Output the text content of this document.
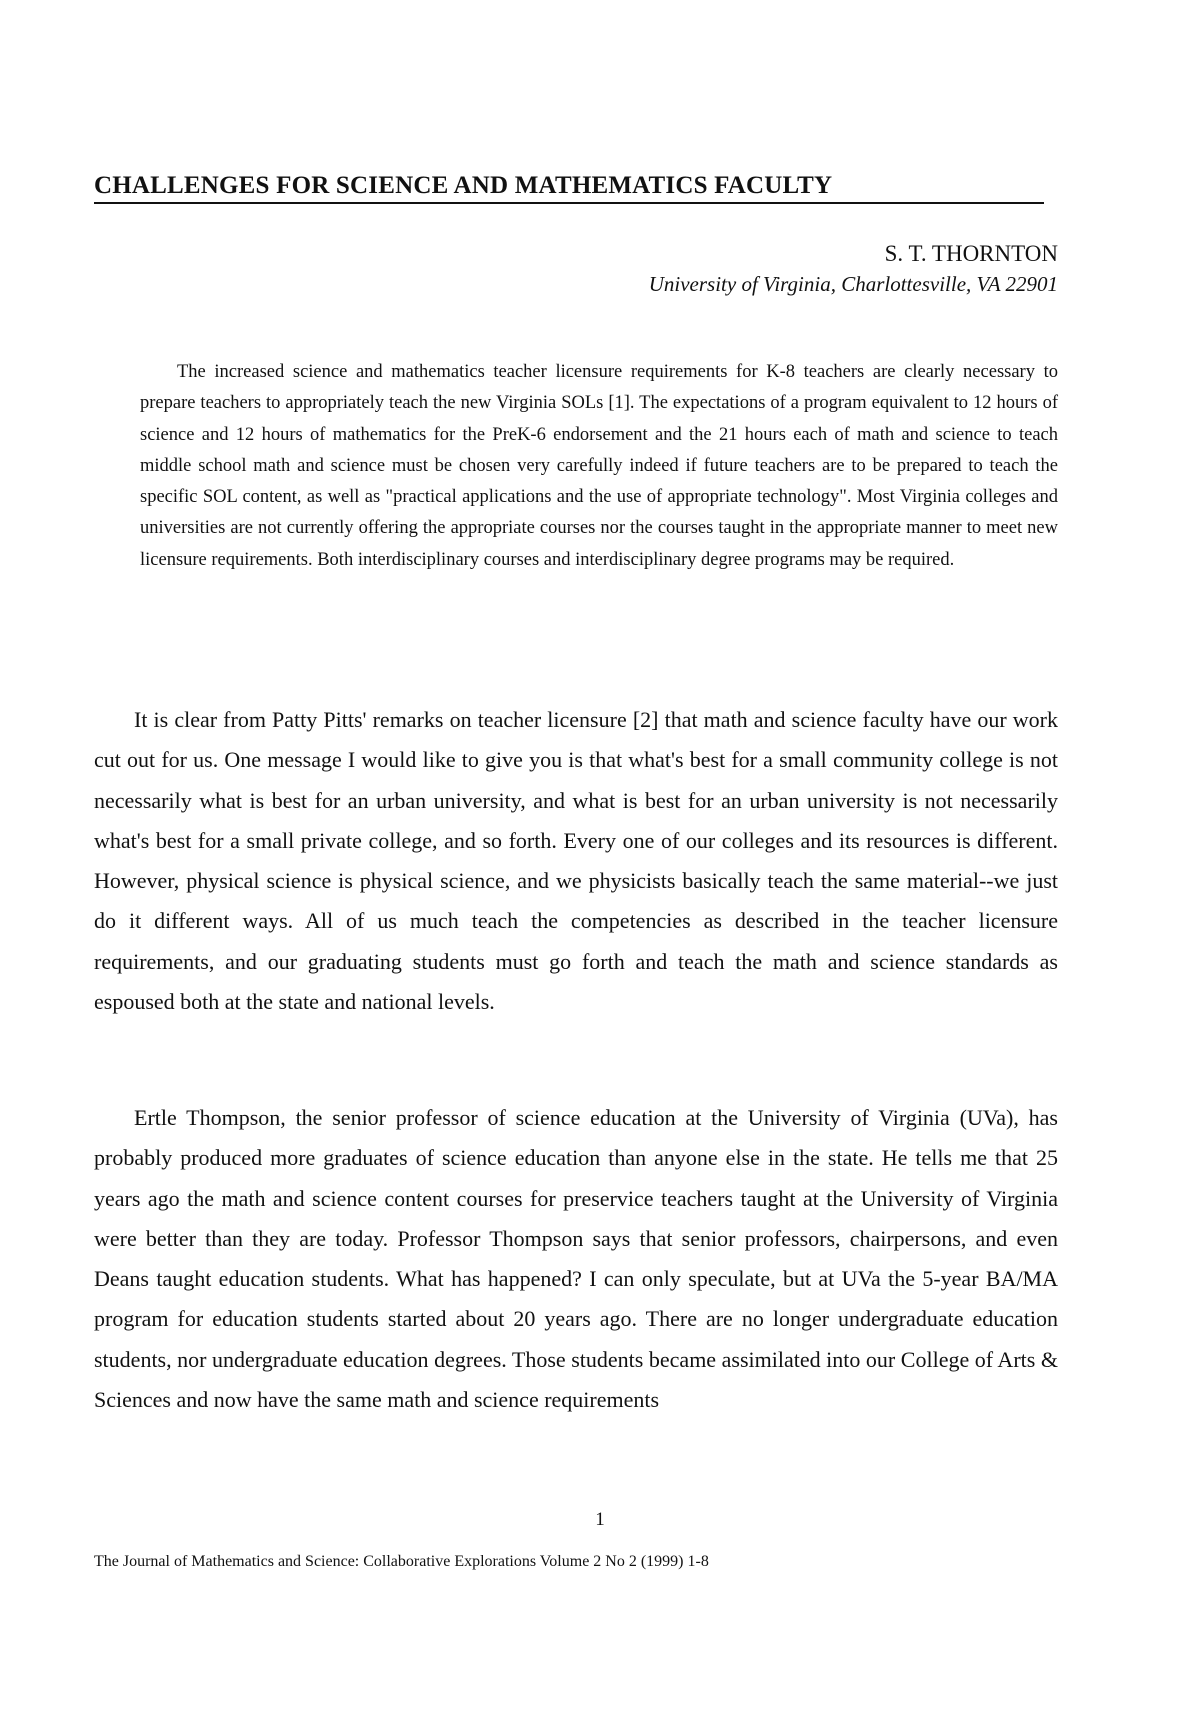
CHALLENGES FOR SCIENCE AND MATHEMATICS FACULTY
S. T. THORNTON
University of Virginia, Charlottesville, VA 22901

The increased science and mathematics teacher licensure requirements for K-8 teachers are clearly necessary to prepare teachers to appropriately teach the new Virginia SOLs [1]. The expectations of a program equivalent to 12 hours of science and 12 hours of mathematics for the PreK-6 endorsement and the 21 hours each of math and science to teach middle school math and science must be chosen very carefully indeed if future teachers are to be prepared to teach the specific SOL content, as well as "practical applications and the use of appropriate technology". Most Virginia colleges and universities are not currently offering the appropriate courses nor the courses taught in the appropriate manner to meet new licensure requirements. Both interdisciplinary courses and interdisciplinary degree programs may be required.

It is clear from Patty Pitts' remarks on teacher licensure [2] that math and science faculty have our work cut out for us. One message I would like to give you is that what's best for a small community college is not necessarily what is best for an urban university, and what is best for an urban university is not necessarily what's best for a small private college, and so forth. Every one of our colleges and its resources is different. However, physical science is physical science, and we physicists basically teach the same material--we just do it different ways. All of us much teach the competencies as described in the teacher licensure requirements, and our graduating students must go forth and teach the math and science standards as espoused both at the state and national levels.

Ertle Thompson, the senior professor of science education at the University of Virginia (UVa), has probably produced more graduates of science education than anyone else in the state. He tells me that 25 years ago the math and science content courses for preservice teachers taught at the University of Virginia were better than they are today. Professor Thompson says that senior professors, chairpersons, and even Deans taught education students. What has happened? I can only speculate, but at UVa the 5-year BA/MA program for education students started about 20 years ago. There are no longer undergraduate education students, nor undergraduate education degrees. Those students became assimilated into our College of Arts & Sciences and now have the same math and science requirements

1
The Journal of Mathematics and Science: Collaborative Explorations Volume 2 No 2 (1999) 1-8
